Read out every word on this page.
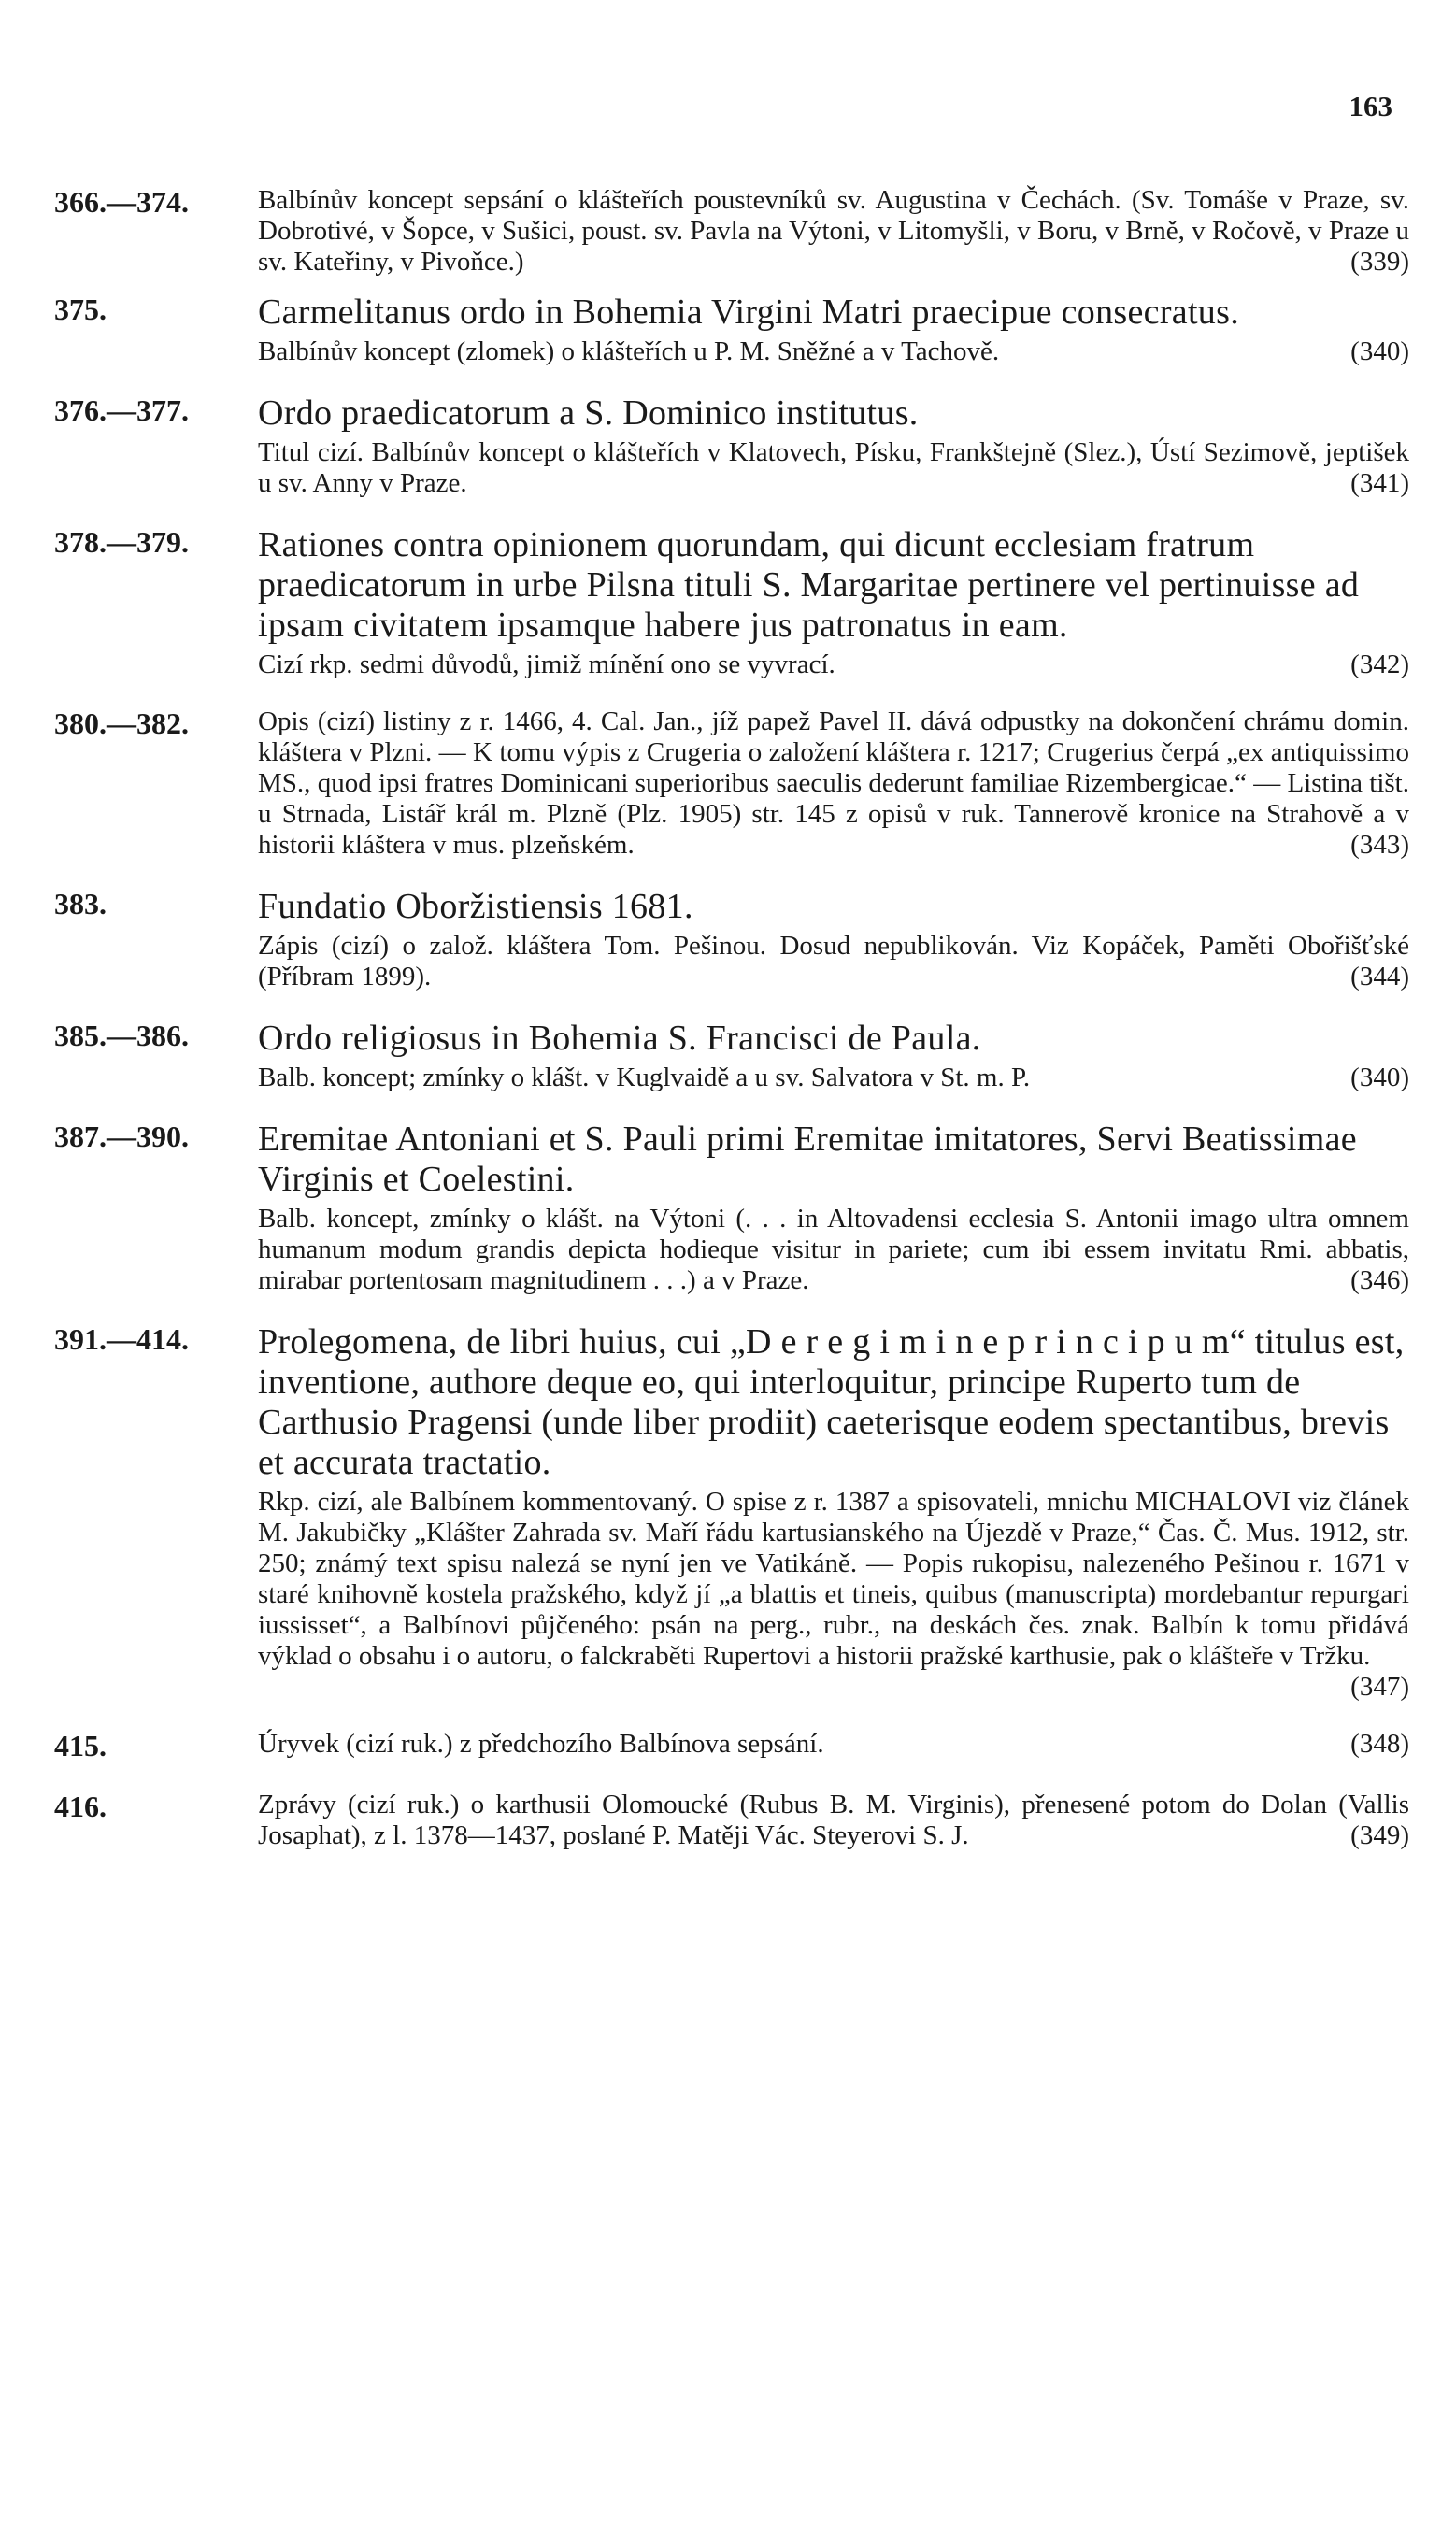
163
366.—374.	Balbínův koncept sepsání o klášteřích poustevníků sv. Augustina v Čechách. (Sv. Tomáše v Praze, sv. Dobrotivé, v Šopce, v Sušici, poust. sv. Pavla na Výtoni, v Litomyšli, v Boru, v Brně, v Ročově, v Praze u sv. Kateřiny, v Pivoňce.)	(339)

375.	Carmelitanus ordo in Bohemia Virgini Matri praecipue consecratus.

Balbínův koncept (zlomek) o klášteřích u P. M. Sněžné a v Tachově.	(340)

376.—377.	Ordo praedicatorum a S. Dominico institutus.

Titul cizí. Balbínův koncept o klášteřích v Klatovech, Písku, Frankštejně (Slez.), Ústí Sezimově, jeptišek u sv. Anny v Praze.	(341)

378.—379.	Rationes contra opinionem quorundam, qui dicunt ecclesiam fratrum praedicatorum in urbe Pilsna tituli S. Margaritae pertinere vel pertinuisse ad ipsam civitatem ipsamque habere jus patronatus in eam.

Cizí rkp. sedmi důvodů, jimiž mínění ono se vyvrací.	(342)

380.—382.	Opis (cizí) listiny z r. 1466, 4. Cal. Jan., jíž papež Pavel II. dává odpustky na dokončení chrámu domin. kláštera v Plzni. — K tomu výpis z Crugeria o založení kláštera r. 1217; Crugerius čerpá „ex antiquissimo MS., quod ipsi fratres Dominicani superioribus saeculis dederunt familiae Rizembergicae.“ — Listina tišt. u Strnada, Listář král m. Plzně (Plz. 1905) str. 145 z opisů v ruk. Tannerově kronice na Strahově a v historii kláštera v mus. plzeňském.	(343)

383.	Fundatio Oboržistiensis 1681.

Zápis (cizí) o založ. kláštera Tom. Pešinou. Dosud nepublikován. Viz Kopáček, Paměti Obořišťské (Příbram 1899).	(344)

385.—386.	Ordo religiosus in Bohemia S. Francisci de Paula.

Balb. koncept; zmínky o klášt. v Kuglvaidě a u sv. Salvatora v St. m. P.	(340)

387.—390.	Eremitae Antoniani et S. Pauli primi Eremitae imitatores, Servi Beatissimae Virginis et Coelestini.

Balb. koncept, zmínky o klášt. na Výtoni (. . . in Altovadensi ecclesia S. Antonii imago ultra omnem humanum modum grandis depicta hodieque visitur in pariete; cum ibi essem invitatu Rmi. abbatis, mirabar portentosam magnitudinem . . .) a v Praze.	(346)

391.—414.	Prolegomena, de libri huius, cui „D e r e g i m i n e p r i n c i p u m“ titulus est, inventione, authore deque eo, qui interloquitur, principe Ruperto tum de Carthusio Pragensi (unde liber prodiit) caeterisque eodem spectantibus, brevis et accurata tractatio.

Rkp. cizí, ale Balbínem kommentovaný. O spise z r. 1387 a spisovateli, mnichu MICHALOVI viz článek M. Jakubičky „Klášter Zahrada sv. Maří řádu kartusianského na Újezdě v Praze,“ Čas. Č. Mus. 1912, str. 250; známý text spisu nalezá se nyní jen ve Vatikáně. — Popis rukopisu, nalezeného Pešinou r. 1671 v staré knihovně kostela pražského, když jí „a blattis et tineis, quibus (manuscripta) mordebantur repurgari iussisset“, a Balbínovi půjčeného: psán na perg., rubr., na deskách čes. znak. Balbín k tomu přidává výklad o obsahu i o autoru, o falckraběti Rupertovi a historii pražské karthusie, pak o klášteře v Tržku.
(347)

415.	Úryvek (cizí ruk.) z předchozího Balbínova sepsání.	(348)

416.	Zprávy (cizí ruk.) o karthusii Olomoucké (Rubus B. M. Virginis), přenesené potom do Dolan (Vallis Josaphat), z l. 1378—1437, poslané P. Matěji Vác. Steyerovi S. J.	(349)
